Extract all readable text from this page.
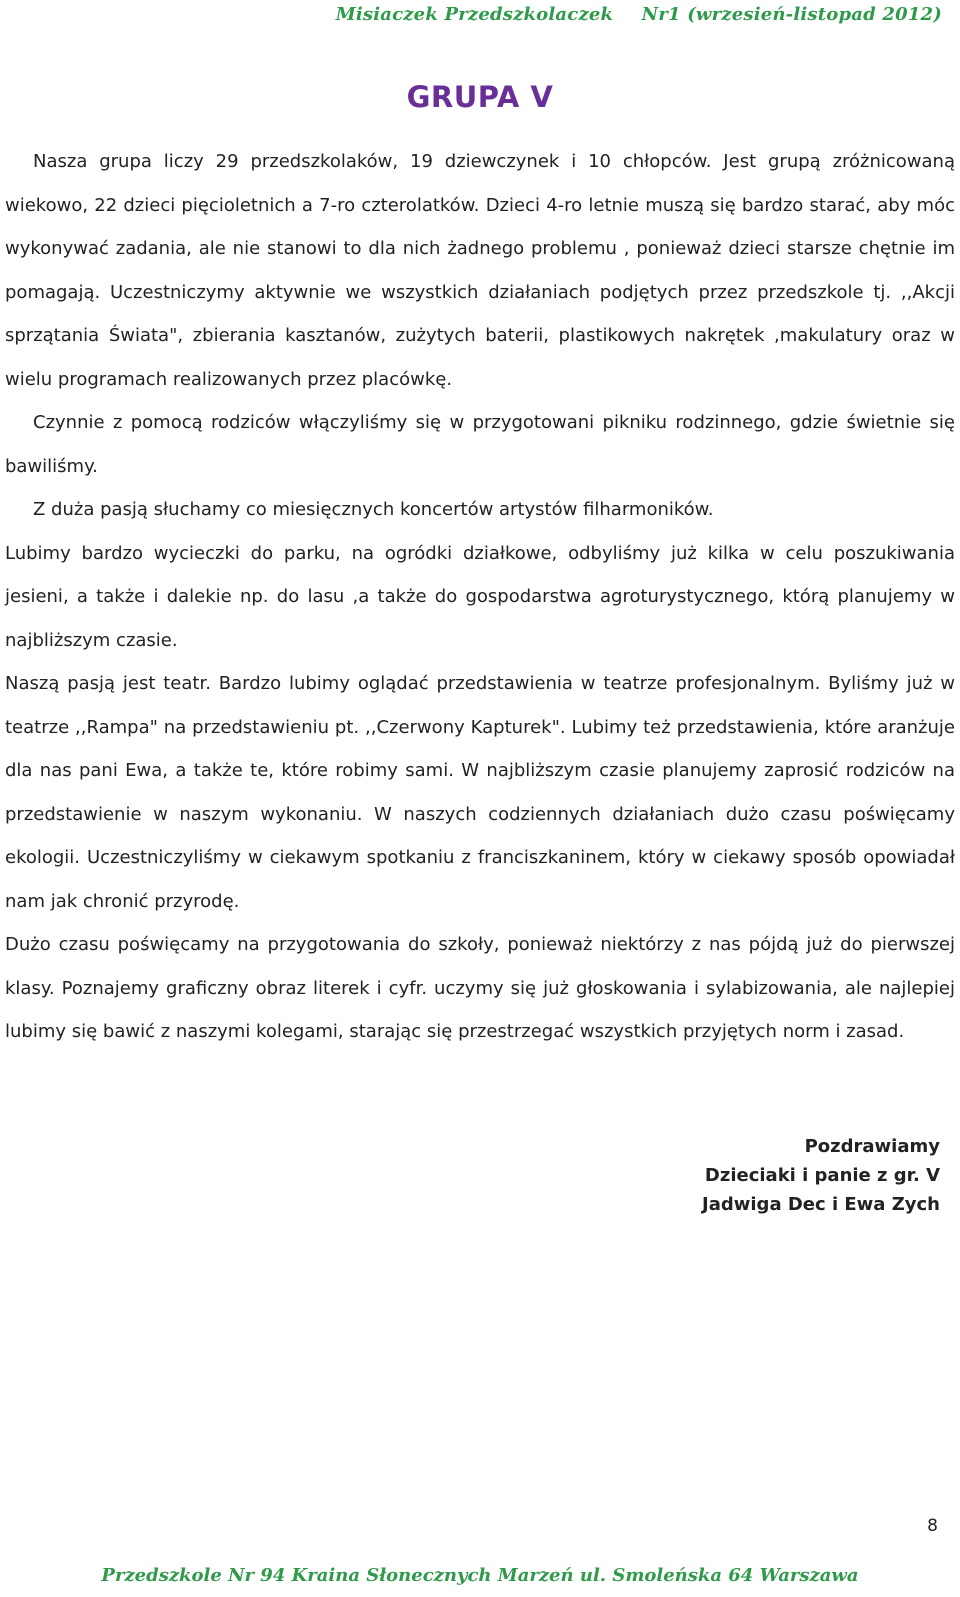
Misiaczek Przedszkolaczek Nr1 (wrzesień-listopad 2012)
GRUPA V

Nasza grupa liczy 29 przedszkolaków, 19 dziewczynek i 10 chłopców. Jest grupą zróżnicowaną wiekowo, 22 dzieci pięcioletnich a 7-ro czterolatków. Dzieci 4-ro letnie muszą się bardzo starać, aby móc wykonywać zadania, ale nie stanowi to dla nich żadnego problemu , ponieważ dzieci starsze chętnie im pomagają. Uczestniczymy aktywnie we wszystkich działaniach podjętych przez przedszkole tj. ,,Akcji sprzątania Świata", zbierania kasztanów, zużytych baterii, plastikowych nakrętek ,makulatury oraz w wielu programach realizowanych przez placówkę.

Czynnie z pomocą rodziców włączyliśmy się w przygotowani pikniku rodzinnego, gdzie świetnie się bawiliśmy.

Z duża pasją słuchamy co miesięcznych koncertów artystów filharmoników.

Lubimy bardzo wycieczki do parku, na ogródki działkowe, odbyliśmy już kilka w celu poszukiwania jesieni, a także i dalekie np. do lasu ,a także do gospodarstwa agroturystycznego, którą planujemy w najbliższym czasie.

Naszą pasją jest teatr. Bardzo lubimy oglądać przedstawienia w teatrze profesjonalnym. Byliśmy już w teatrze ,,Rampa" na przedstawieniu pt. ,,Czerwony Kapturek". Lubimy też przedstawienia, które aranżuje dla nas pani Ewa, a także te, które robimy sami. W najbliższym czasie planujemy zaprosić rodziców na przedstawienie w naszym wykonaniu. W naszych codziennych działaniach dużo czasu poświęcamy ekologii. Uczestniczyliśmy w ciekawym spotkaniu z franciszkaninem, który w ciekawy sposób opowiadał nam jak chronić przyrodę.

Dużo czasu poświęcamy na przygotowania do szkoły, ponieważ niektórzy z nas pójdą już do pierwszej klasy. Poznajemy graficzny obraz literek i cyfr. uczymy się już głoskowania i sylabizowania, ale najlepiej lubimy się bawić z naszymi kolegami, starając się przestrzegać wszystkich przyjętych norm i zasad.

Pozdrawiamy
Dzieciaki i panie z gr. V
Jadwiga Dec i Ewa Zych
8
Przedszkole Nr 94 Kraina Słonecznych Marzeń ul. Smoleńska 64 Warszawa
